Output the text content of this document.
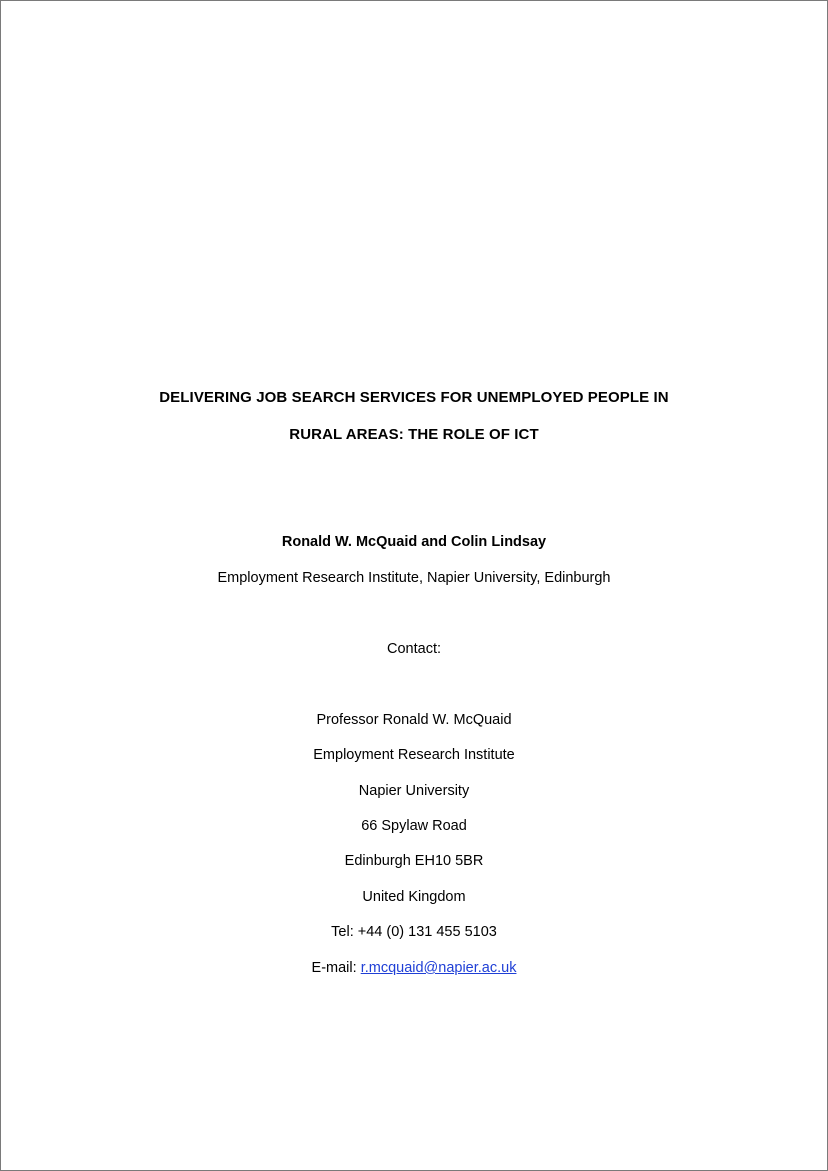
DELIVERING JOB SEARCH SERVICES FOR UNEMPLOYED PEOPLE IN
RURAL AREAS: THE ROLE OF ICT
Ronald W. McQuaid and Colin Lindsay
Employment Research Institute, Napier University, Edinburgh
Contact:
Professor Ronald W. McQuaid
Employment Research Institute
Napier University
66 Spylaw Road
Edinburgh EH10 5BR
United Kingdom
Tel: +44 (0) 131 455 5103
E-mail: r.mcquaid@napier.ac.uk
